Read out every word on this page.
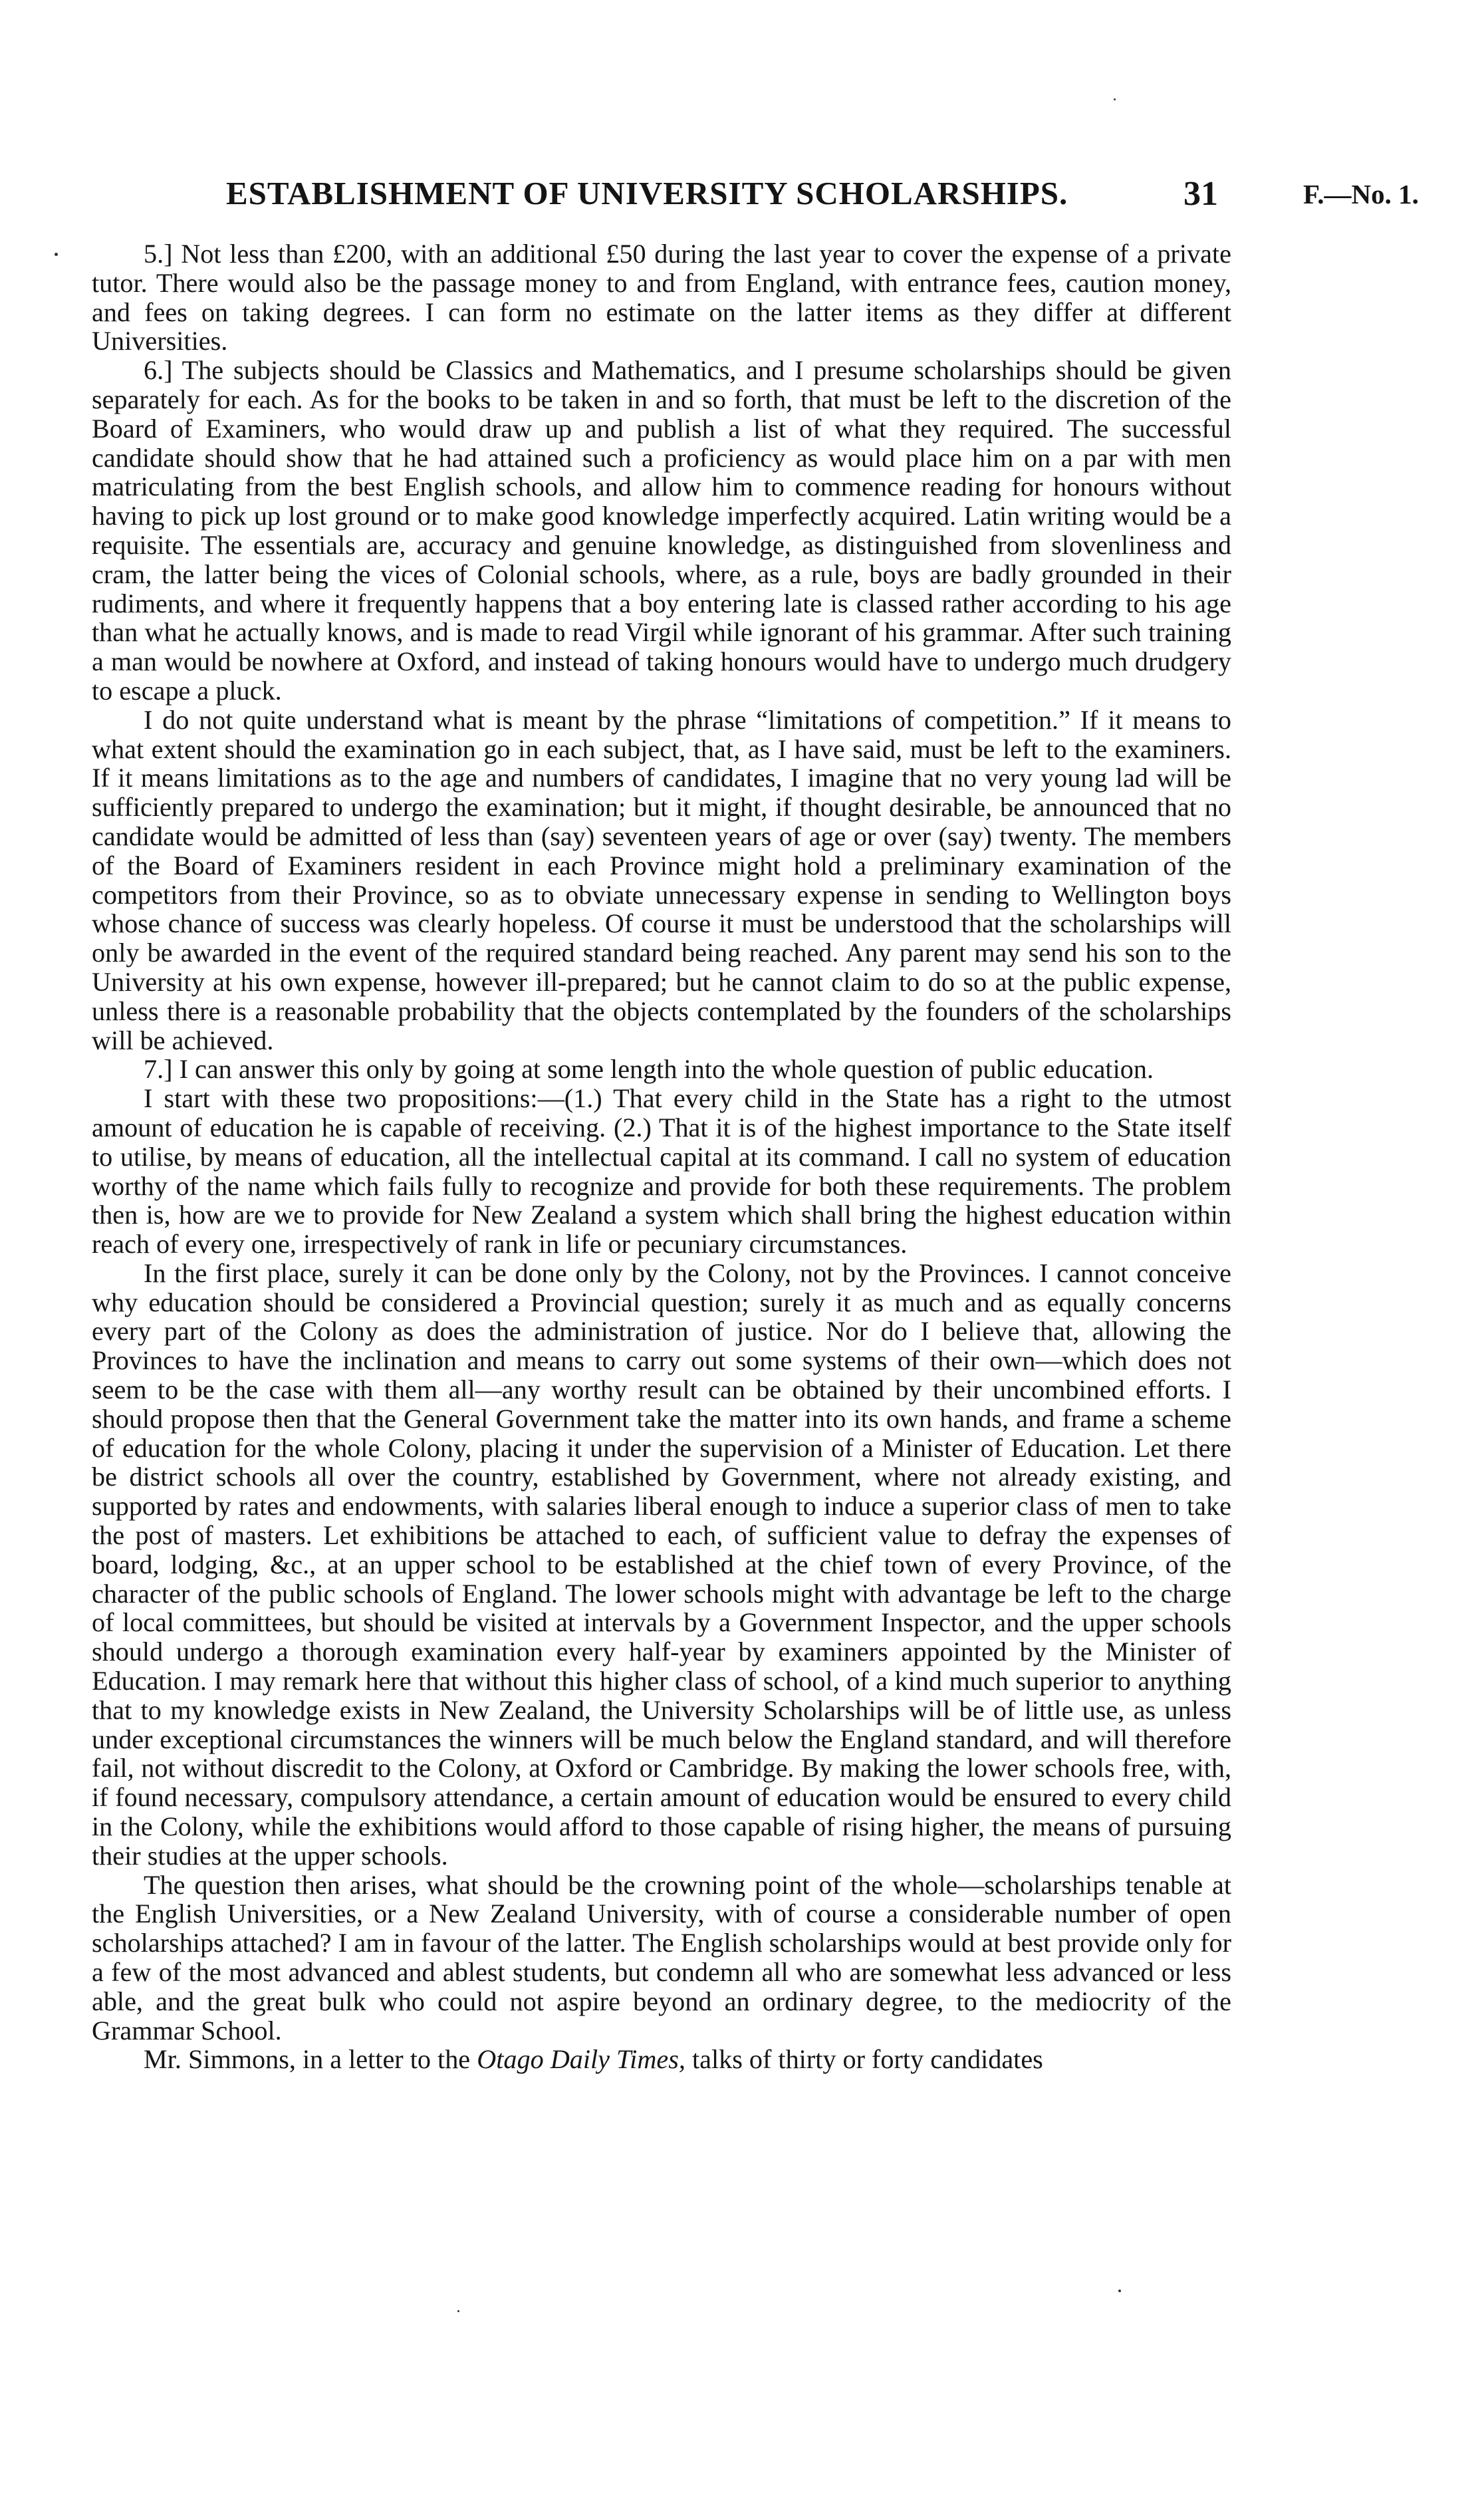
ESTABLISHMENT OF UNIVERSITY SCHOLARSHIPS.	31	F.—No. 1.

5.] Not less than £200, with an additional £50 during the last year to cover the expense of a private tutor. There would also be the passage money to and from England, with entrance fees, caution money, and fees on taking degrees. I can form no estimate on the latter items as they differ at different Universities.

6.] The subjects should be Classics and Mathematics, and I presume scholarships should be given separately for each. As for the books to be taken in and so forth, that must be left to the discretion of the Board of Examiners, who would draw up and publish a list of what they required. The successful candidate should show that he had attained such a proficiency as would place him on a par with men matriculating from the best English schools, and allow him to commence reading for honours without having to pick up lost ground or to make good knowledge imperfectly acquired. Latin writing would be a requisite. The essentials are, accuracy and genuine knowledge, as distinguished from slovenliness and cram, the latter being the vices of Colonial schools, where, as a rule, boys are badly grounded in their rudiments, and where it frequently happens that a boy entering late is classed rather according to his age than what he actually knows, and is made to read Virgil while ignorant of his grammar. After such training a man would be nowhere at Oxford, and instead of taking honours would have to undergo much drudgery to escape a pluck.

I do not quite understand what is meant by the phrase “limitations of competition.” If it means to what extent should the examination go in each subject, that, as I have said, must be left to the examiners. If it means limitations as to the age and numbers of candidates, I imagine that no very young lad will be sufficiently prepared to undergo the examination; but it might, if thought desirable, be announced that no candidate would be admitted of less than (say) seventeen years of age or over (say) twenty. The members of the Board of Examiners resident in each Province might hold a preliminary examination of the competitors from their Province, so as to obviate unnecessary expense in sending to Wellington boys whose chance of success was clearly hopeless. Of course it must be understood that the scholarships will only be awarded in the event of the required standard being reached. Any parent may send his son to the University at his own expense, however ill-prepared; but he cannot claim to do so at the public expense, unless there is a reasonable probability that the objects contemplated by the founders of the scholarships will be achieved.

7.] I can answer this only by going at some length into the whole question of public education.

I start with these two propositions:—(1.) That every child in the State has a right to the utmost amount of education he is capable of receiving. (2.) That it is of the highest importance to the State itself to utilise, by means of education, all the intellectual capital at its command. I call no system of education worthy of the name which fails fully to recognize and provide for both these requirements. The problem then is, how are we to provide for New Zealand a system which shall bring the highest education within reach of every one, irrespectively of rank in life or pecuniary circumstances.

In the first place, surely it can be done only by the Colony, not by the Provinces. I cannot conceive why education should be considered a Provincial question; surely it as much and as equally concerns every part of the Colony as does the administration of justice. Nor do I believe that, allowing the Provinces to have the inclination and means to carry out some systems of their own—which does not seem to be the case with them all—any worthy result can be obtained by their uncombined efforts. I should propose then that the General Government take the matter into its own hands, and frame a scheme of education for the whole Colony, placing it under the supervision of a Minister of Education. Let there be district schools all over the country, established by Government, where not already existing, and supported by rates and endowments, with salaries liberal enough to induce a superior class of men to take the post of masters. Let exhibitions be attached to each, of sufficient value to defray the expenses of board, lodging, &c., at an upper school to be established at the chief town of every Province, of the character of the public schools of England. The lower schools might with advantage be left to the charge of local committees, but should be visited at intervals by a Government Inspector, and the upper schools should undergo a thorough examination every half-year by examiners appointed by the Minister of Education. I may remark here that without this higher class of school, of a kind much superior to anything that to my knowledge exists in New Zealand, the University Scholarships will be of little use, as unless under exceptional circumstances the winners will be much below the England standard, and will therefore fail, not without discredit to the Colony, at Oxford or Cambridge. By making the lower schools free, with, if found necessary, compulsory attendance, a certain amount of education would be ensured to every child in the Colony, while the exhibitions would afford to those capable of rising higher, the means of pursuing their studies at the upper schools.

The question then arises, what should be the crowning point of the whole—scholarships tenable at the English Universities, or a New Zealand University, with of course a considerable number of open scholarships attached? I am in favour of the latter. The English scholarships would at best provide only for a few of the most advanced and ablest students, but condemn all who are somewhat less advanced or less able, and the great bulk who could not aspire beyond an ordinary degree, to the mediocrity of the Grammar School.

Mr. Simmons, in a letter to the Otago Daily Times, talks of thirty or forty candidates
